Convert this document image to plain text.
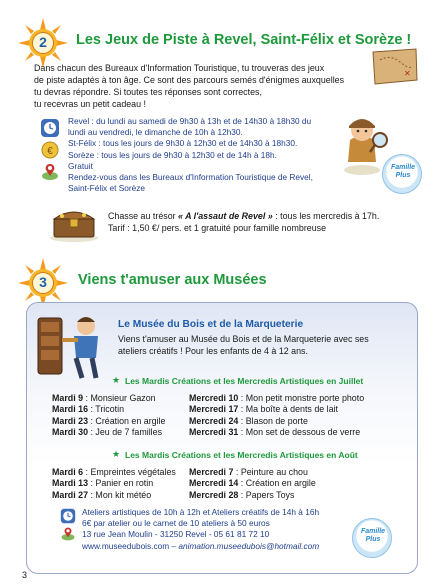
2	Les Jeux de Piste à Revel, Saint-Félix et Sorèze !
Dans chacun des Bureaux d'Information Touristique, tu trouveras des jeux
de piste adaptés à ton âge. Ce sont des parcours semés d'énigmes auxquelles
tu devras répondre. Si toutes tes réponses sont correctes,
tu recevras un petit cadeau !
✕
€
Revel : du lundi au samedi de 9h30 à 13h et de 14h30 à 18h30 du
lundi au vendredi, le dimanche de 10h à 12h30.
St-Félix : tous les jours de 9h30 à 12h30 et de 14h30 à 18h30.
Sorèze : tous les jours de 9h30 à 12h30 et de 14h à 18h.
Gratuit
Rendez-vous dans les Bureaux d'Information Touristique de Revel,
Saint-Félix et Sorèze
Famille Plus

Chasse au trésor « A l'assaut de Revel » : tous les mercredis à 17h.
Tarif : 1,50 €/ pers. et 1 gratuité pour famille nombreuse
3	Viens t'amuser aux Musées
Le Musée du Bois et de la Marqueterie
Viens t'amuser au Musée du Bois et de la Marqueterie avec ses
ateliers créatifs ! Pour les enfants de 4 à 12 ans.
★ Les Mardis Créations et les Mercredis Artistiques en Juillet
Mardi 9 : Monsieur Gazon
Mardi 16 : Tricotin
Mardi 23 : Création en argile
Mardi 30 : Jeu de 7 familles
Mercredi 10 : Mon petit monstre porte photo
Mercredi 17 : Ma boîte à dents de lait
Mercredi 24 : Blason de porte
Mercredi 31 : Mon set de dessous de verre
★ Les Mardis Créations et les Mercredis Artistiques en Août
Mardi 6 : Empreintes végétales
Mardi 13 : Panier en rotin
Mardi 27 : Mon kit météo
Mercredi 7 : Peinture au chou
Mercredi 14 : Création en argile
Mercredi 28 : Papers Toys
Ateliers artistiques de 10h à 12h et Ateliers créatifs de 14h à 16h
6€ par atelier ou le carnet de 10 ateliers à 50 euros
13 rue Jean Moulin - 31250 Revel - 05 61 81 72 10
www.museedubois.com – animation.museedubois@hotmail.com
Famille Plus

3
